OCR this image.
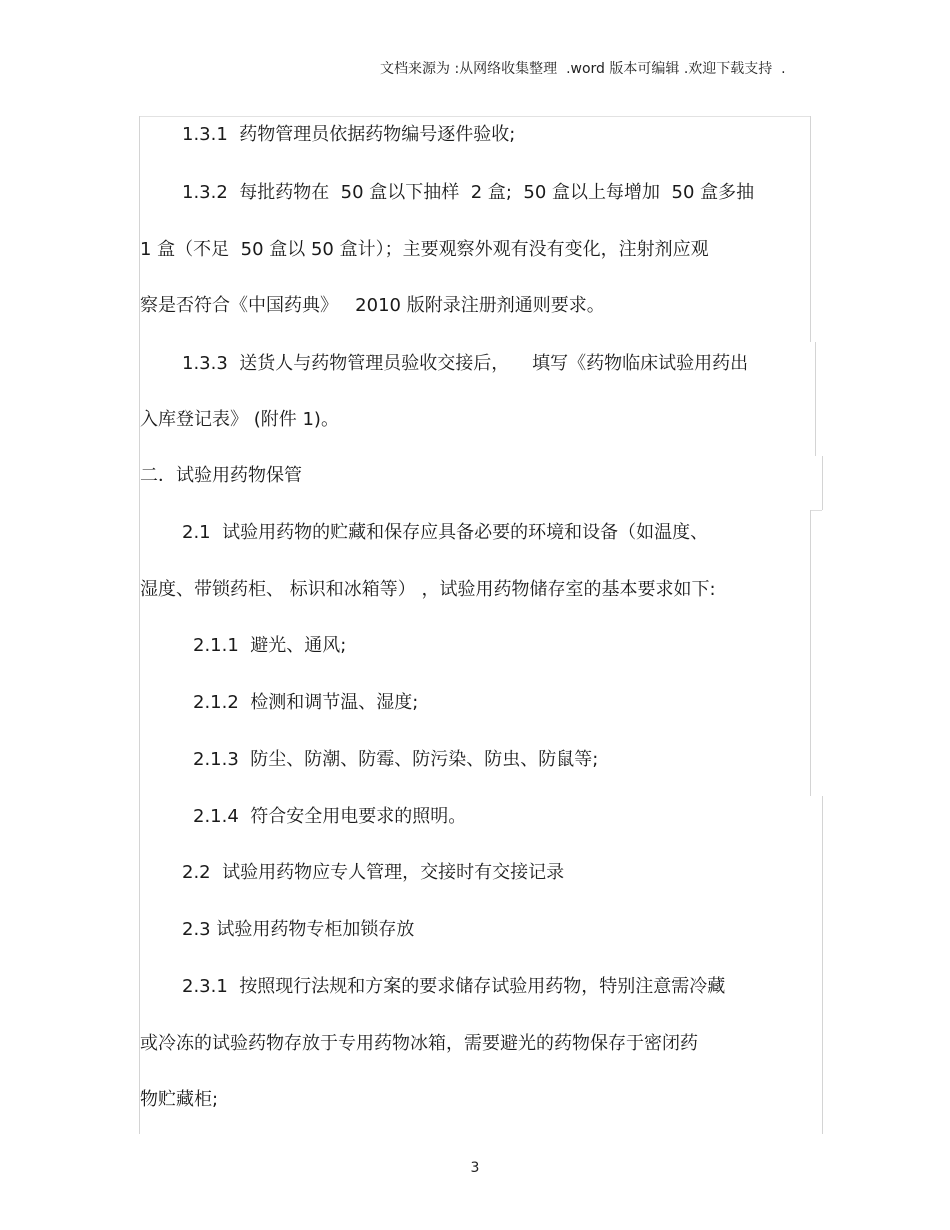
文档来源为 :从网络收集整理  .word 版本可编辑 .欢迎下载支持  .
1.3.1  药物管理员依据药物编号逐件验收;
1.3.2  每批药物在  50 盒以下抽样  2 盒;  50 盒以上每增加  50 盒多抽
1 盒（不足  50 盒以 50 盒计）；主要观察外观有没有变化，注射剂应观
察是否符合《中国药典》   2010 版附录注册剂通则要求。
1.3.3  送货人与药物管理员验收交接后，    填写《药物临床试验用药出
入库登记表》 (附件 1)。
二．试验用药物保管
2.1  试验用药物的贮藏和保存应具备必要的环境和设备（如温度、
湿度、带锁药柜、 标识和冰箱等） ，试验用药物储存室的基本要求如下:
2.1.1  避光、通风;
2.1.2  检测和调节温、湿度;
2.1.3  防尘、防潮、防霉、防污染、防虫、防鼠等;
2.1.4  符合安全用电要求的照明。
2.2  试验用药物应专人管理，交接时有交接记录
2.3 试验用药物专柜加锁存放
2.3.1  按照现行法规和方案的要求储存试验用药物，特别注意需冷藏
或冷冻的试验药物存放于专用药物冰箱，需要避光的药物保存于密闭药
物贮藏柜;
3
